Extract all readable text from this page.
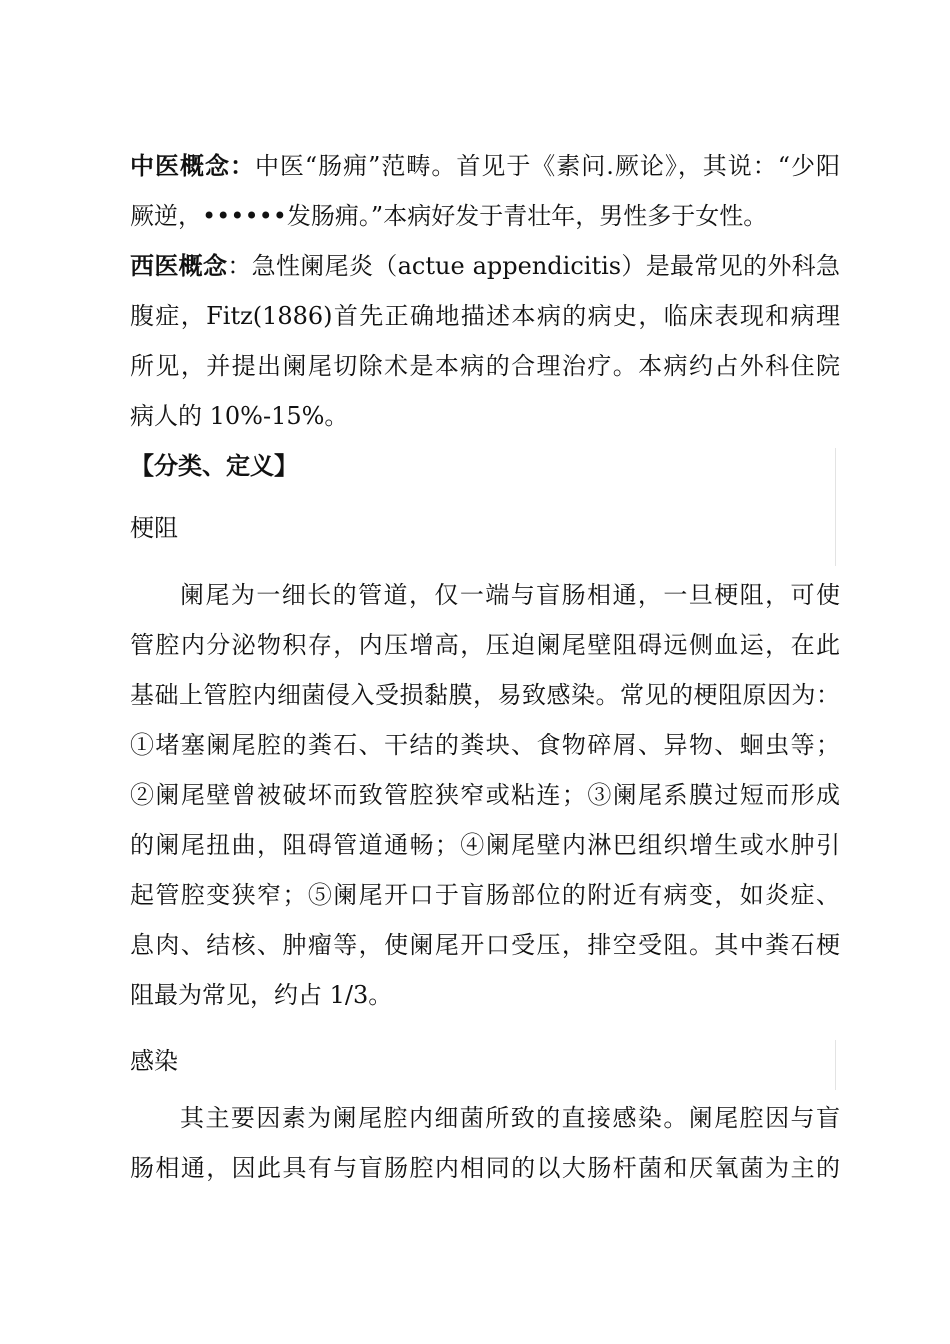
中医概念：中医“肠痈”范畴。首见于《素问.厥论》，其说：“少阳
厥逆，••••••发肠痈。”本病好发于青壮年，男性多于女性。
西医概念：急性阑尾炎（actue appendicitis）是最常见的外科急
腹症，Fitz(1886)首先正确地描述本病的病史，临床表现和病理
所见，并提出阑尾切除术是本病的合理治疗。本病约占外科住院
病人的 10%-15%。
【分类、定义】
梗阻
阑尾为一细长的管道，仅一端与盲肠相通，一旦梗阻，可使
管腔内分泌物积存，内压增高，压迫阑尾壁阻碍远侧血运，在此
基础上管腔内细菌侵入受损黏膜，易致感染。常见的梗阻原因为：
①堵塞阑尾腔的粪石、干结的粪块、食物碎屑、异物、蛔虫等；
②阑尾壁曾被破坏而致管腔狭窄或粘连；③阑尾系膜过短而形成
的阑尾扭曲，阻碍管道通畅；④阑尾壁内淋巴组织增生或水肿引
起管腔变狭窄；⑤阑尾开口于盲肠部位的附近有病变，如炎症、
息肉、结核、肿瘤等，使阑尾开口受压，排空受阻。其中粪石梗
阻最为常见，约占 1/3。
感染
其主要因素为阑尾腔内细菌所致的直接感染。阑尾腔因与盲
肠相通，因此具有与盲肠腔内相同的以大肠杆菌和厌氧菌为主的
